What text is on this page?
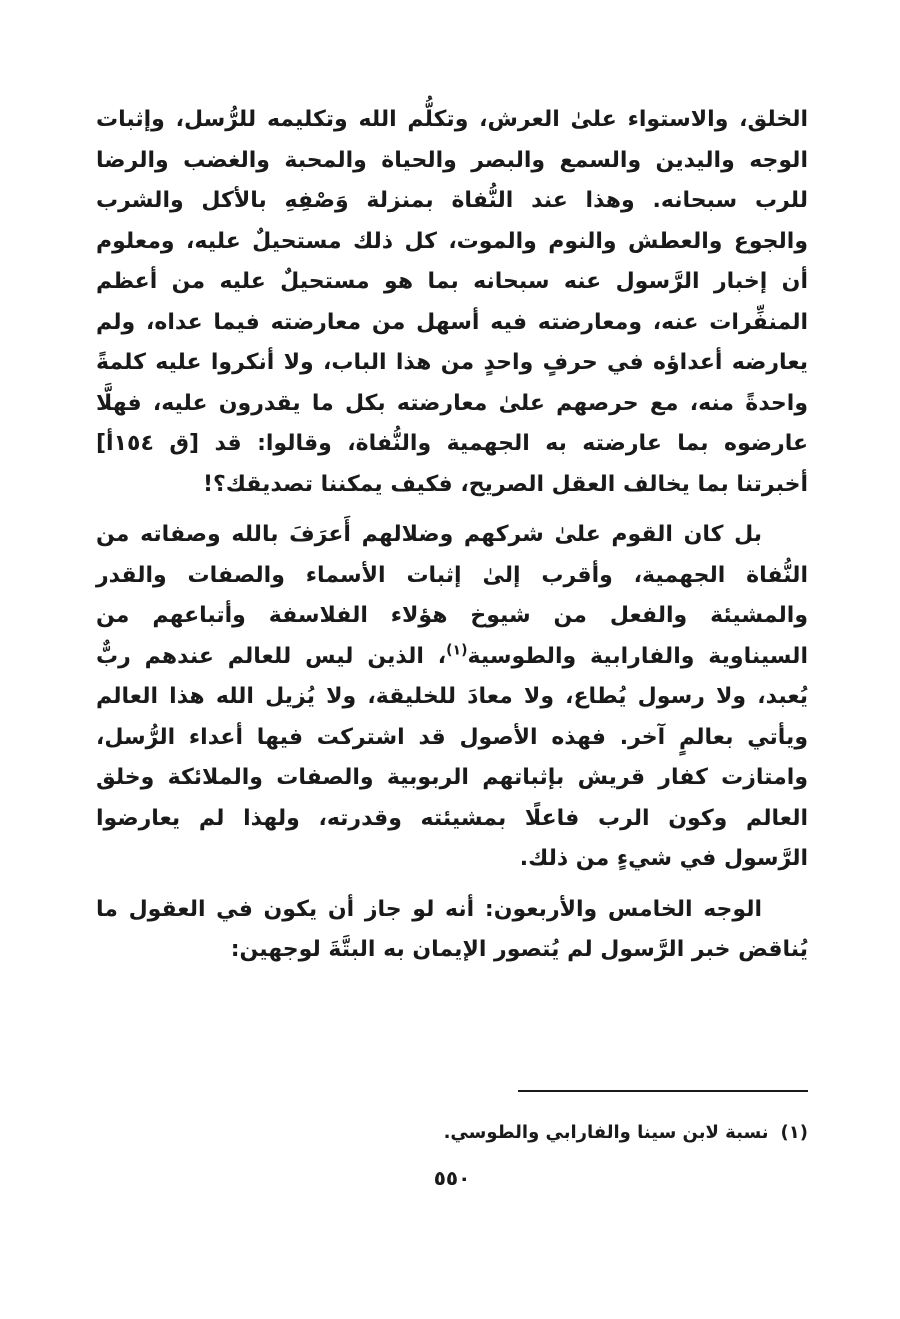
الخلق، والاستواء علىٰ العرش، وتكلُّم الله وتكليمه للرُّسل، وإثبات الوجه واليدين والسمع والبصر والحياة والمحبة والغضب والرضا للرب سبحانه. وهذا عند النُّفاة بمنزلة وَصْفِهِ بالأكل والشرب والجوع والعطش والنوم والموت، كل ذلك مستحيلٌ عليه، ومعلوم أن إخبار الرَّسول عنه سبحانه بما هو مستحيلٌ عليه من أعظم المنفِّرات عنه، ومعارضته فيه أسهل من معارضته فيما عداه، ولم يعارضه أعداؤه في حرفٍ واحدٍ من هذا الباب، ولا أنكروا عليه كلمةً واحدةً منه، مع حرصهم علىٰ معارضته بكل ما يقدرون عليه، فهلَّا عارضوه بما عارضته به الجهمية والنُّفاة، وقالوا: قد [ق ١٥٤أ] أخبرتنا بما يخالف العقل الصريح، فكيف يمكننا تصديقك؟!

بل كان القوم علىٰ شركهم وضلالهم أَعرَفَ بالله وصفاته من النُّفاة الجهمية، وأقرب إلىٰ إثبات الأسماء والصفات والقدر والمشيئة والفعل من شيوخ هؤلاء الفلاسفة وأتباعهم من السيناوية والفارابية والطوسية$^{(١)}$، الذين ليس للعالم عندهم ربٌّ يُعبد، ولا رسول يُطاع، ولا معادَ للخليقة، ولا يُزيل الله هذا العالم ويأتي بعالمٍ آخر. فهذه الأصول قد اشتركت فيها أعداء الرُّسل، وامتازت كفار قريش بإثباتهم الربوبية والصفات والملائكة وخلق العالم وكون الرب فاعلًا بمشيئته وقدرته، ولهذا لم يعارضوا الرَّسول في شيءٍ من ذلك.

الوجه الخامس والأربعون: أنه لو جاز أن يكون في العقول ما يُناقض خبر الرَّسول لم يُتصور الإيمان به البتَّةَ لوجهين:

(١)نسبة لابن سينا والفارابي والطوسي.
٥٥٠
